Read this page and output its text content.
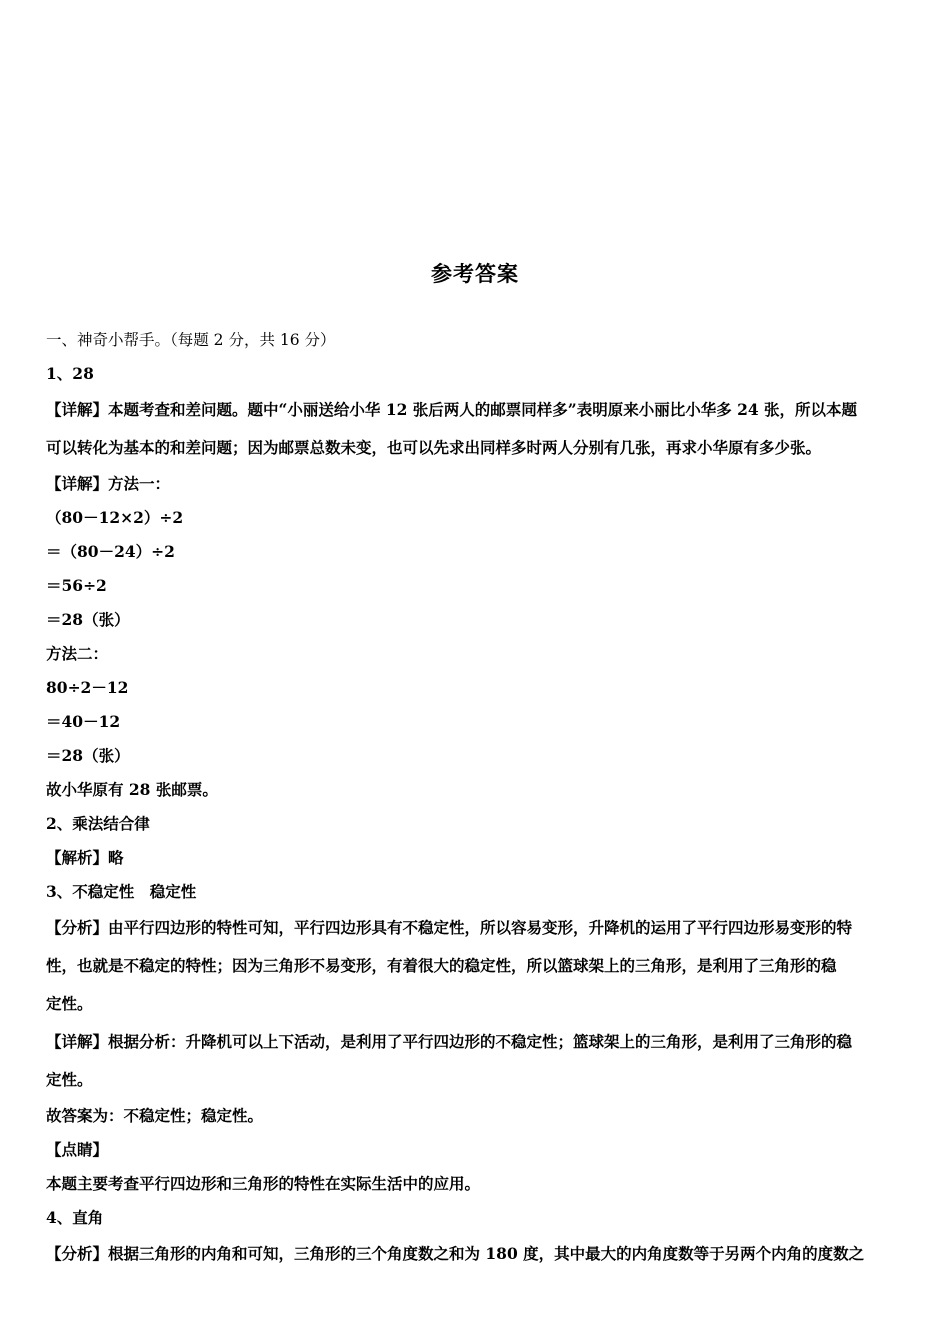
参考答案
一、神奇小帮手。（每题 2 分，共 16 分）
1、28
【详解】本题考查和差问题。题中“小丽送给小华 12 张后两人的邮票同样多”表明原来小丽比小华多 24 张，所以本题
可以转化为基本的和差问题；因为邮票总数未变，也可以先求出同样多时两人分别有几张，再求小华原有多少张。
【详解】方法一：
（80－12×2）÷2
＝（80－24）÷2
＝56÷2
＝28（张）
方法二：
80÷2－12
＝40－12
＝28（张）
故小华原有 28 张邮票。
2、乘法结合律
【解析】略
3、不稳定性　稳定性
【分析】由平行四边形的特性可知，平行四边形具有不稳定性，所以容易变形，升降机的运用了平行四边形易变形的特
性，也就是不稳定的特性；因为三角形不易变形，有着很大的稳定性，所以篮球架上的三角形，是利用了三角形的稳
定性。
【详解】根据分析：升降机可以上下活动，是利用了平行四边形的不稳定性；篮球架上的三角形，是利用了三角形的稳
定性。
故答案为：不稳定性；稳定性。
【点睛】
本题主要考查平行四边形和三角形的特性在实际生活中的应用。
4、直角
【分析】根据三角形的内角和可知，三角形的三个角度数之和为 180 度，其中最大的内角度数等于另两个内角的度数之
